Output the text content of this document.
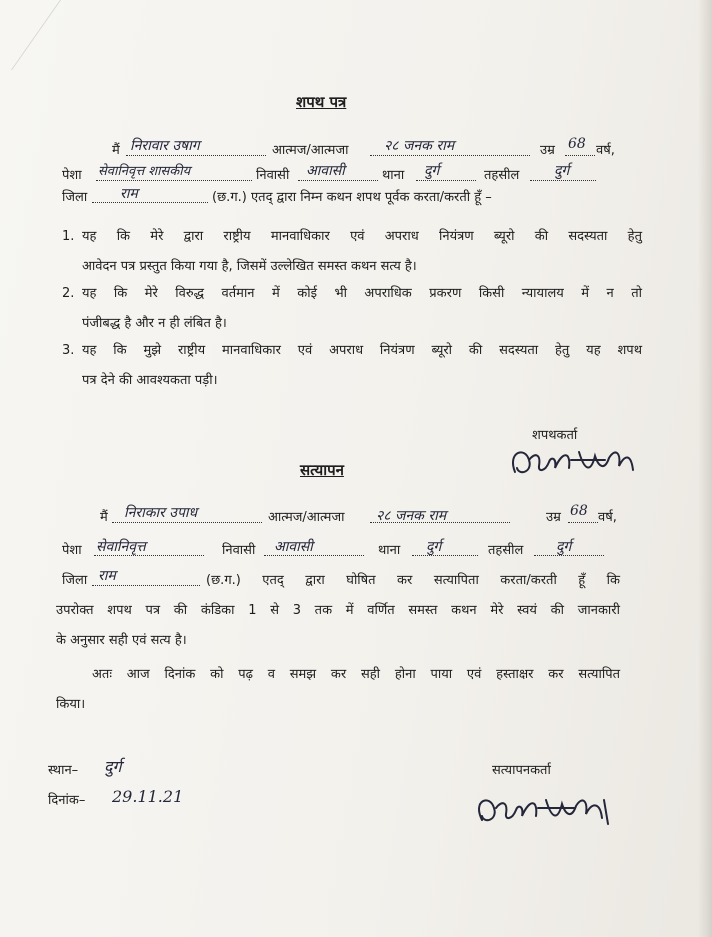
शपथ पत्र
मैं निरावार उषाग	आत्मज/आत्मजा	२८ जनक राम	उम्र 68 वर्ष,
पेशा सेवानिवृत्त शासकीय	निवासी आवासी	थाना दुर्ग	तहसील दुर्ग
जिला राम	(छ.ग.) एतद् द्वारा निम्न कथन शपथ पूर्वक करता/करती हूँ –
1. यह कि मेरे द्वारा राष्ट्रीय मानवाधिकार एवं अपराध नियंत्रण ब्यूरो की सदस्यता हेतु
आवेदन पत्र प्रस्तुत किया गया है, जिसमें उल्लेखित समस्त कथन सत्य है।
2. यह कि मेरे विरुद्ध वर्तमान में कोई भी अपराधिक प्रकरण किसी न्यायालय में न तो
पंजीबद्ध है और न ही लंबित है।
3. यह कि मुझे राष्ट्रीय मानवाधिकार एवं अपराध नियंत्रण ब्यूरो की सदस्यता हेतु यह शपथ
पत्र देने की आवश्यकता पड़ी।
शपथकर्ता
सत्यापन
मैं निराकार उपाध	आत्मज/आत्मजा २८ जनक राम	उम्र 68 वर्ष,
पेशा सेवानिवृत्त	निवासी आवासी	थाना दुर्ग	तहसील दुर्ग
जिला राम	(छ.ग.) एतद् द्वारा घोषित कर सत्यापिता करता/करती हूँ कि
उपरोक्त शपथ पत्र की कंडिका 1 से 3 तक में वर्णित समस्त कथन मेरे स्वयं की जानकारी
के अनुसार सही एवं सत्य है।
अतः आज दिनांक को पढ़ व समझ कर सही होना पाया एवं हस्ताक्षर कर सत्यापित
किया।
स्थान– दुर्ग
दिनांक– 29.11.21
सत्यापनकर्ता
